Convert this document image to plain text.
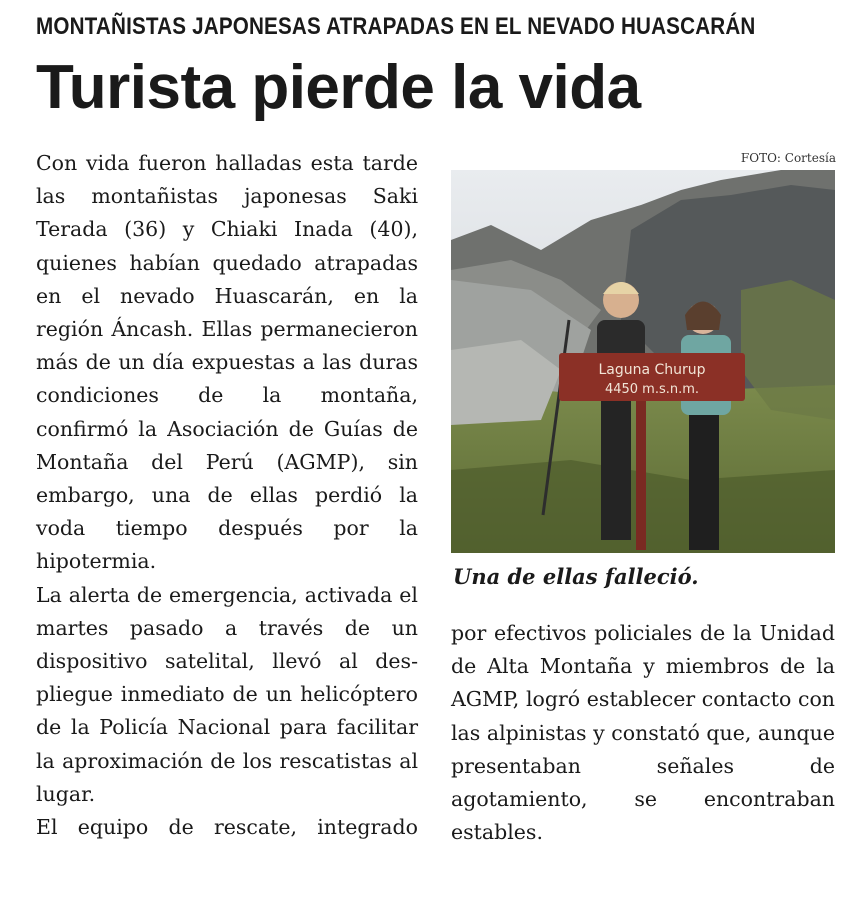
MONTAÑISTAS JAPONESAS ATRAPADAS EN EL NEVADO HUASCARÁN
Turista pierde la vida

Con vida fueron halladas esta tarde las montañistas japonesas Saki Terada (36) y Chiaki Inada (40), quienes habían quedado atrapadas en el nevado Huascarán, en la región Áncash. Ellas permanecieron más de un día expuestas a las duras condiciones de la montaña, confirmó la Asociación de Guías de Montaña del Perú (AGMP), sin embargo, una de ellas perdió la voda tiempo después por la hipotermia.

La alerta de emergencia, activada el martes pasado a través de un dispositivo satelital, llevó al despliegue inmediato de un helicóptero de la Policía Nacional para facilitar la aproximación de los rescatistas al lugar.

El equipo de rescate, integrado

FOTO: Cortesía
Laguna Churup
4450 m.s.n.m.
Una de ellas falleció.

por efectivos policiales de la Unidad de Alta Montaña y miembros de la AGMP, logró establecer contacto con las alpinistas y constató que, aunque presentaban señales de agotamiento, se encontraban estables.
